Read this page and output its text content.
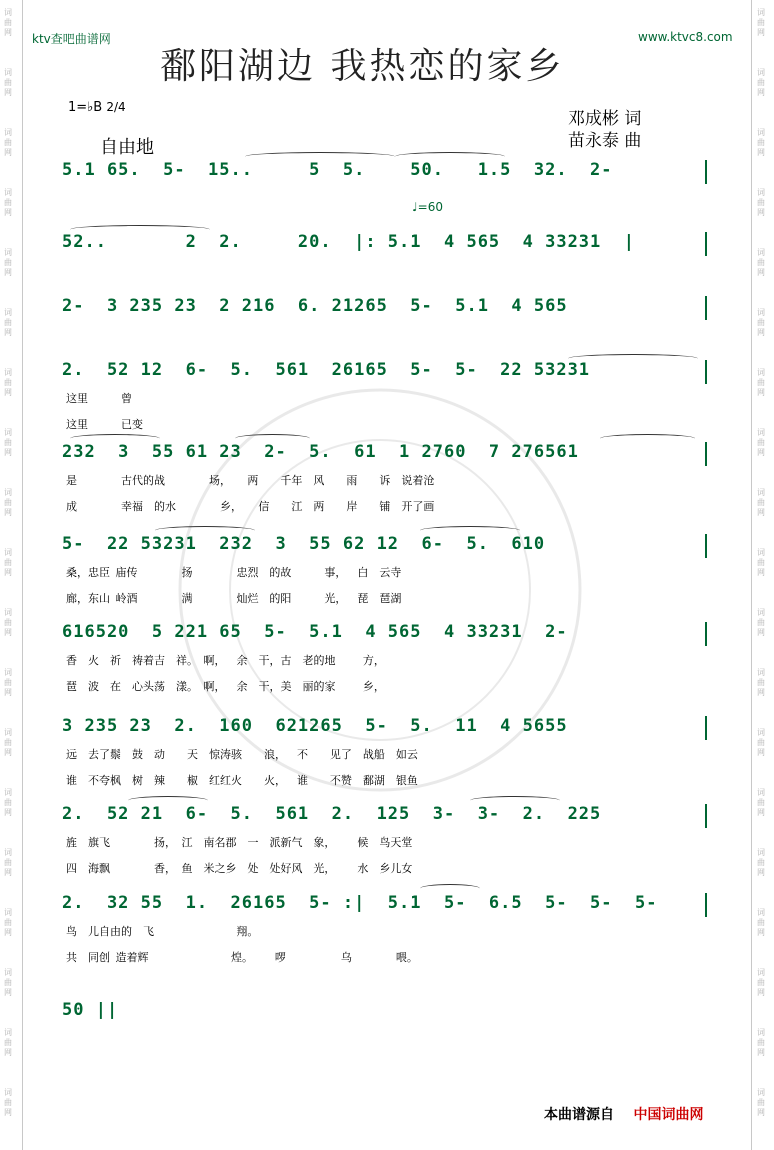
词曲网
词曲网
词曲网
词曲网
词曲网
词曲网
词曲网
词曲网
词曲网
词曲网
词曲网
词曲网
词曲网
词曲网
词曲网
词曲网
词曲网
词曲网
词曲网
词曲网
词曲网
词曲网
词曲网
词曲网
词曲网
词曲网
词曲网
词曲网
词曲网
词曲网
词曲网
词曲网
词曲网
词曲网
词曲网
词曲网
词曲网
词曲网
ktv查吧曲谱网	www.ktvc8.com
鄱阳湖边 我热恋的家乡
1=♭B 2/4
自由地
邓成彬 词
苗永泰 曲
♩=60
5.1 65.  5-  15..     5  5.    50.   1.5  32.  2-
52..       2  2.     20.  |: 5.1  4 565  4 33231  |
2-  3 235 23  2 216  6. 21265  5-  5.1  4 565
2.  52 12  6-  5.  561  26165  5-  5-  22 53231
这里      曾
这里      已变
232  3  55 61 23  2-  5.  61  1 2760  7 276561
是        古代的战        场，   两    千年  风    雨    诉  说着沧
成        幸福  的水        乡，   信    江  两    岸    铺  开了画
5-  22 53231  232  3  55 62 12  6-  5.  610
桑，忠臣 庙传        扬        忠烈  的故      事，  白  云寺
廊，东山 岭酒        满        灿烂  的阳      光，  琵  琶湖
616520  5 221 65  5-  5.1  4 565  4 33231  2-
香  火  祈  祷着吉  祥。 啊，  余  干，古  老的地     方，
琶  波  在  心头荡  漾。 啊，  余  干，美  丽的家     乡，
3 235 23  2.  160  621265  5-  5.  11  4 5655
远  去了鬃  鼓  动    天  惊涛骇    浪，  不    见了  战船  如云
谁  不夸枫  树  辣    椒  红红火    火，  谁    不赞  鄱湖  银鱼
2.  52 21  6-  5.  561  2.  125  3-  3-  2.  225
旌  旗飞        扬， 江  南名郡  一  派新气  象，    候  鸟天堂
四  海飘        香， 鱼  米之乡  处  处好风  光，    水  乡儿女
2.  32 55  1.  26165  5- :|  5.1  5-  6.5  5-  5-  5-
鸟  儿自由的  飞               翔。
共  同创 造着辉               煌。    啰          乌        喂。
50 ||
本曲谱源自 中国词曲网
